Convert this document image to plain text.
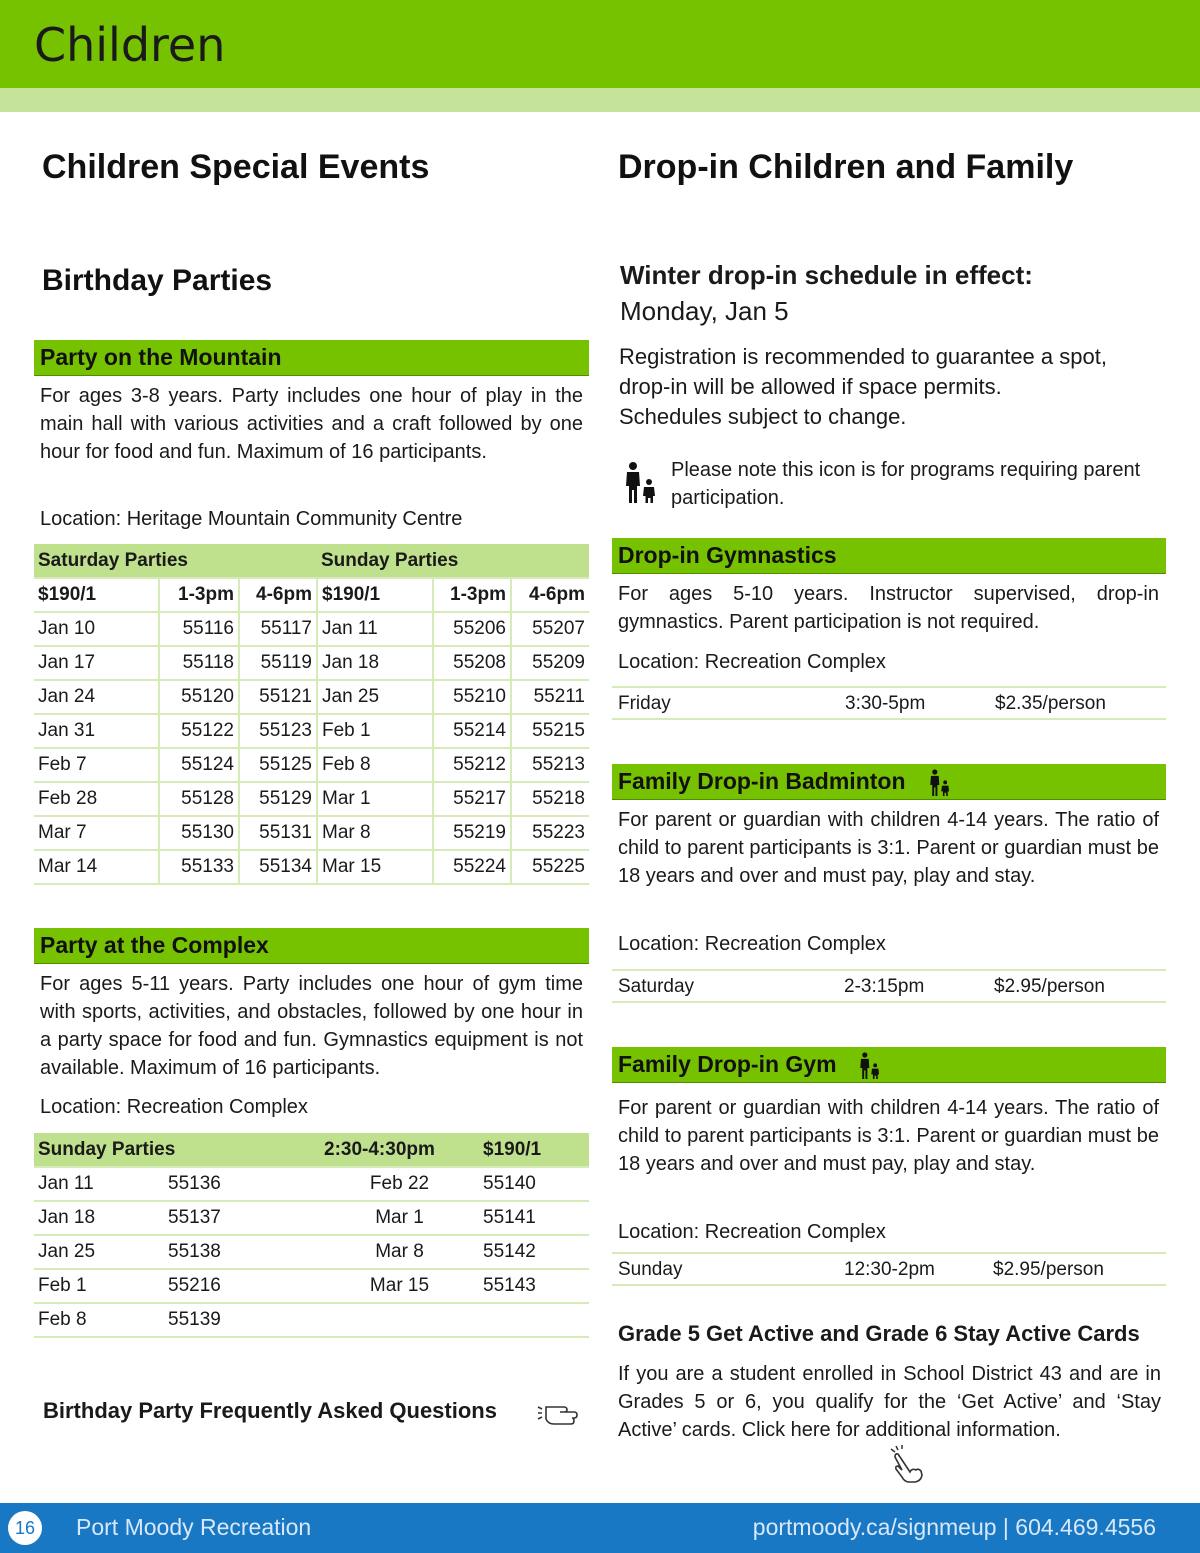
Children
Children Special Events
Birthday Parties
Party on the Mountain
For ages 3-8 years. Party includes one hour of play in the main hall with various activities and a craft followed by one hour for food and fun. Maximum of 16 participants.
Location: Heritage Mountain Community Centre
Saturday Parties			Sunday Parties		
$190/1	1-3pm	4-6pm	$190/1	1-3pm	4-6pm
Jan 10	55116	55117	Jan 11	55206	55207
Jan 17	55118	55119	Jan 18	55208	55209
Jan 24	55120	55121	Jan 25	55210	55211
Jan 31	55122	55123	Feb 1	55214	55215
Feb 7	55124	55125	Feb 8	55212	55213
Feb 28	55128	55129	Mar 1	55217	55218
Mar 7	55130	55131	Mar 8	55219	55223
Mar 14	55133	55134	Mar 15	55224	55225
Party at the Complex
For ages 5-11 years. Party includes one hour of gym time with sports, activities, and obstacles, followed by one hour in a party space for food and fun. Gymnastics equipment is not available. Maximum of 16 participants.
Location: Recreation Complex
Sunday Parties		2:30-4:30pm	$190/1
Jan 11	55136	Feb 22	55140
Jan 18	55137	Mar 1	55141
Jan 25	55138	Mar 8	55142
Feb 1	55216	Mar 15	55143
Feb 8	55139		
Birthday Party Frequently Asked Questions
Drop-in Children and Family
Winter drop-in schedule in effect:
Monday, Jan 5
Registration is recommended to guarantee a spot,
drop-in will be allowed if space permits.
Schedules subject to change.
Please note this icon is for programs requiring parent participation.
Drop-in Gymnastics
For ages 5-10 years. Instructor supervised, drop-in gymnastics. Parent participation is not required.
Location: Recreation Complex
Friday	3:30-5pm	$2.35/person
Family Drop-in Badminton
For parent or guardian with children 4-14 years. The ratio of child to parent participants is 3:1. Parent or guardian must be 18 years and over and must pay, play and stay.
Location: Recreation Complex
Saturday	2-3:15pm	$2.95/person
Family Drop-in Gym
For parent or guardian with children 4-14 years. The ratio of child to parent participants is 3:1. Parent or guardian must be 18 years and over and must pay, play and stay.
Location: Recreation Complex
Sunday	12:30-2pm	$2.95/person
Grade 5 Get Active and Grade 6 Stay Active Cards
If you are a student enrolled in School District 43 and are in Grades 5 or 6, you qualify for the ‘Get Active’ and ‘Stay Active’ cards. Click here for additional information.
16	Port Moody Recreation	portmoody.ca/signmeup | 604.469.4556
